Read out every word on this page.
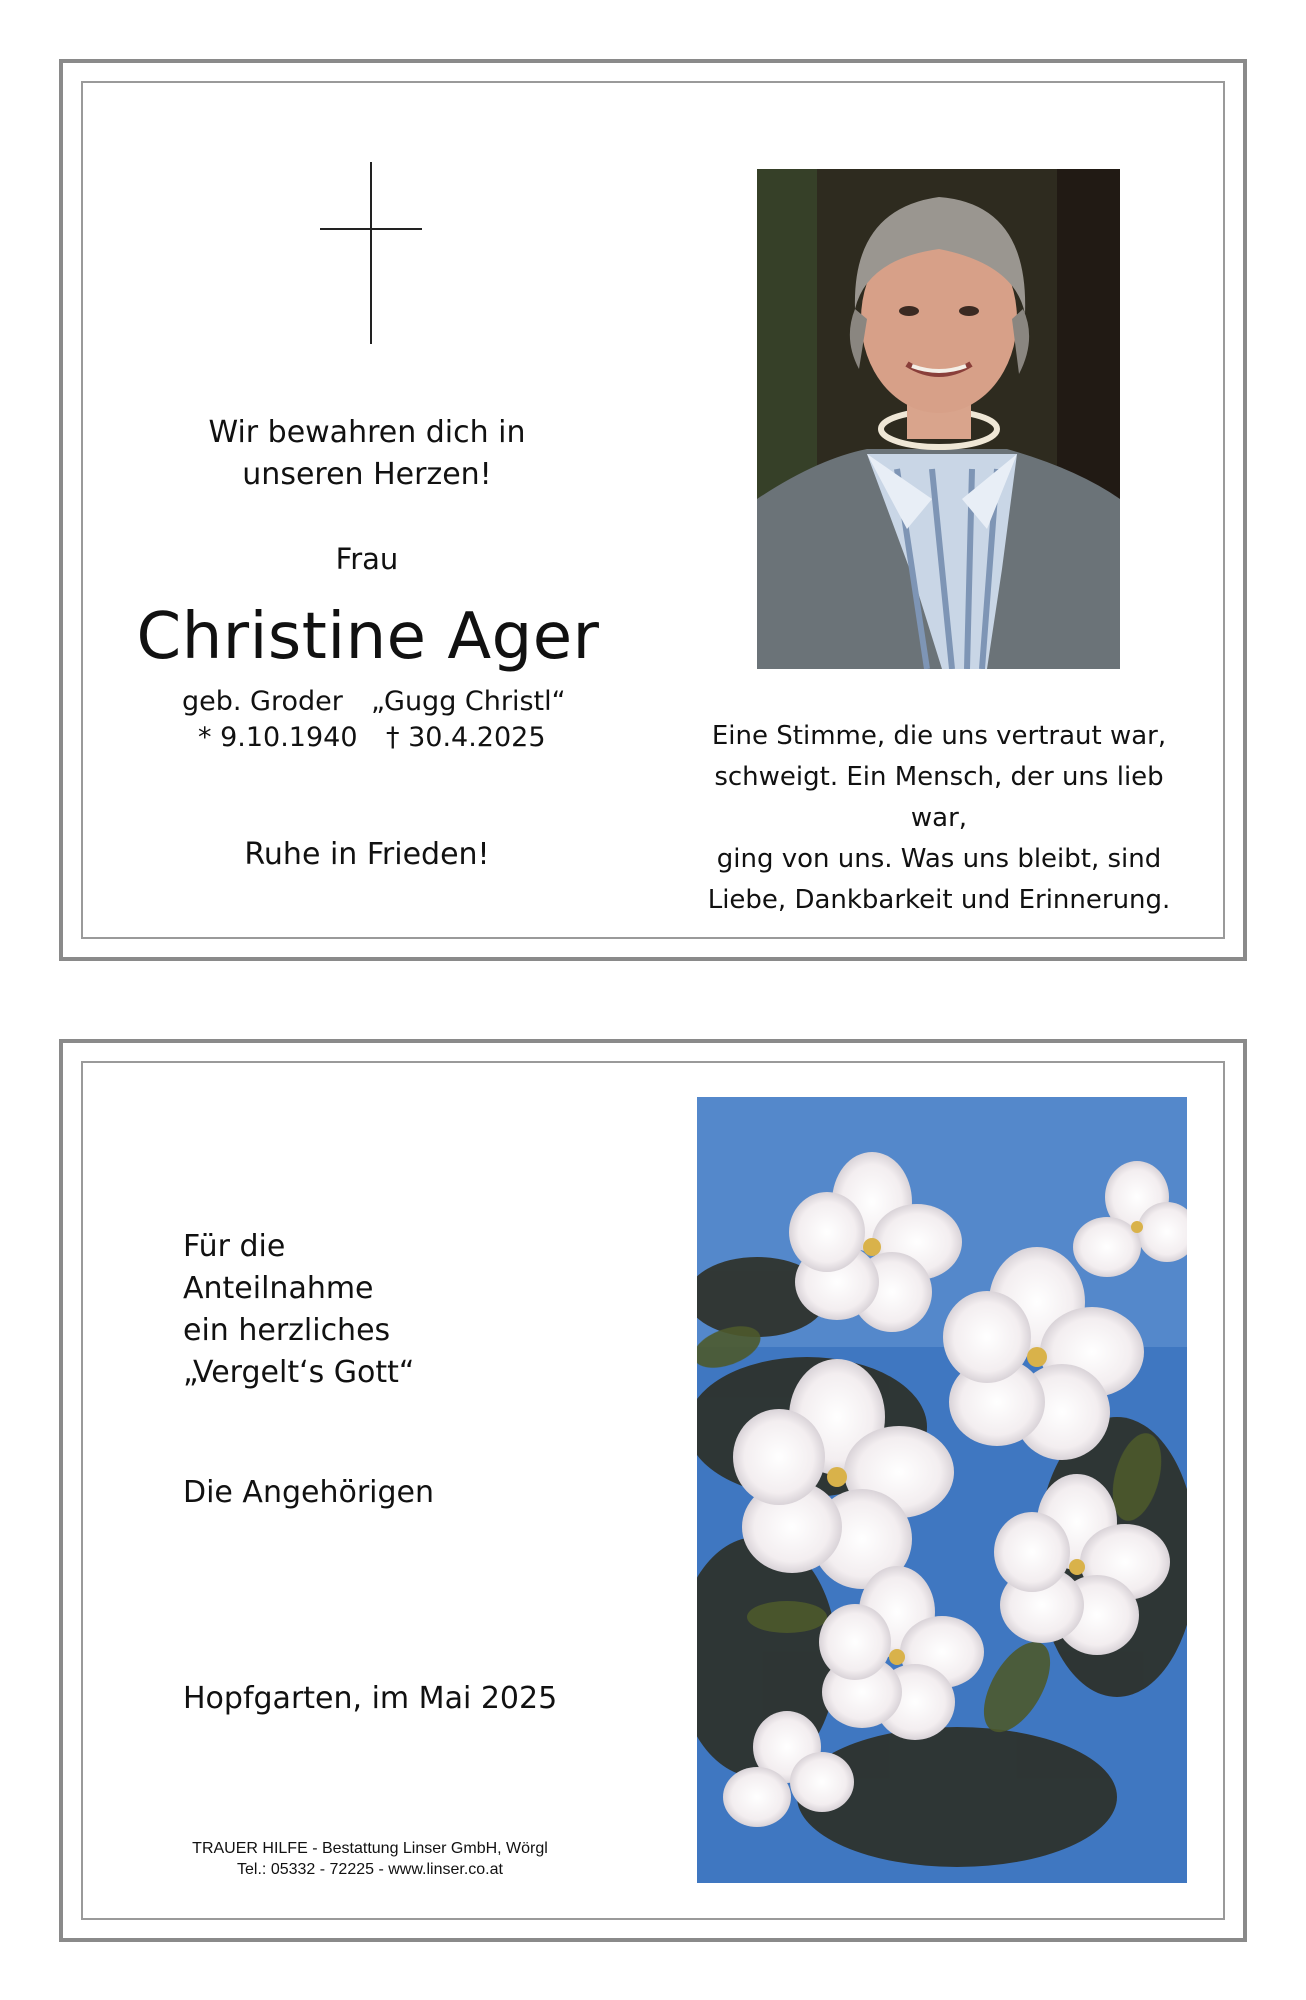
Wir bewahren dich in
unseren Herzen!
Frau
Christine Ager
geb. Groder „Gugg Christl“
* 9.10.1940 † 30.4.2025
Ruhe in Frieden!
Eine Stimme, die uns vertraut war,
schweigt. Ein Mensch, der uns lieb war,
ging von uns. Was uns bleibt, sind
Liebe, Dankbarkeit und Erinnerung.
Für die
Anteilnahme
ein herzliches
„Vergelt‘s Gott“
Die Angehörigen
Hopfgarten, im Mai 2025
TRAUER HILFE - Bestattung Linser GmbH, Wörgl
Tel.: 05332 - 72225 - www.linser.co.at
